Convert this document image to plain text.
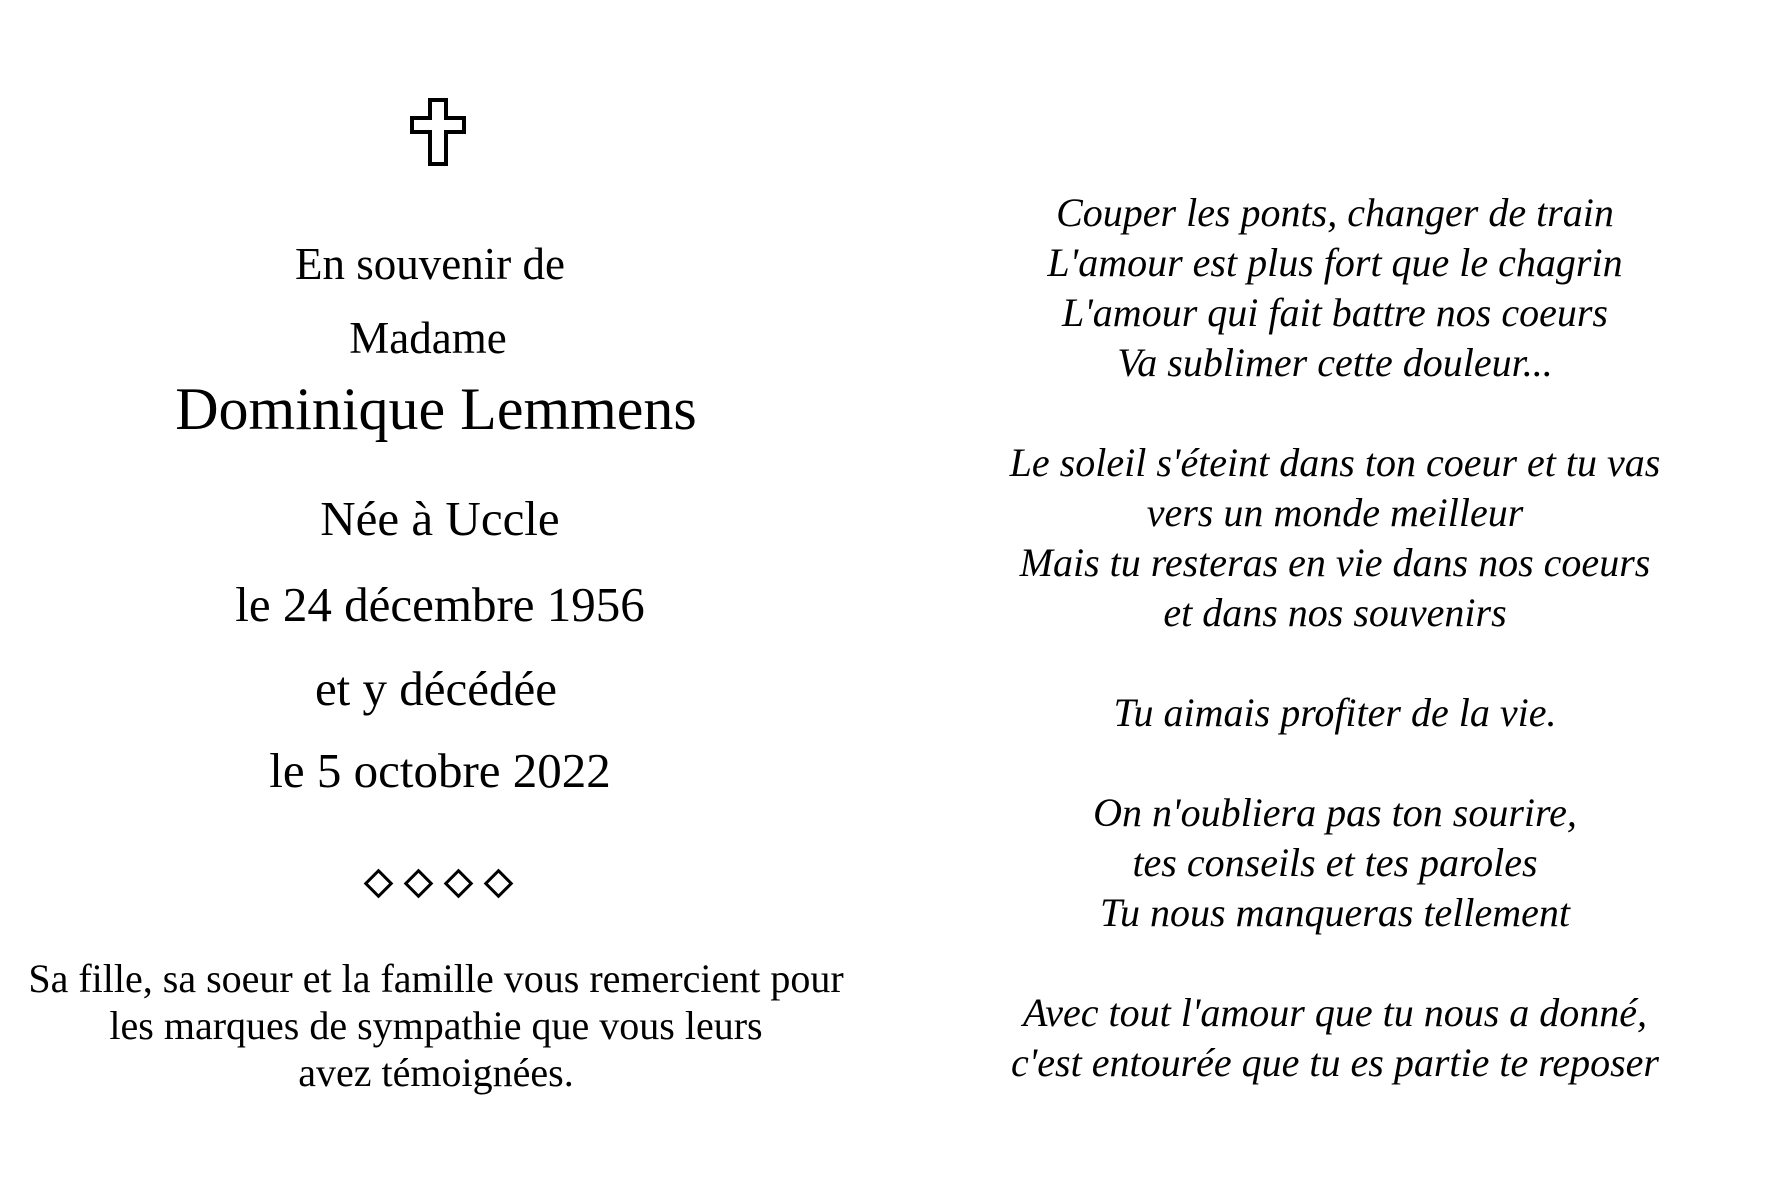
En souvenir de
Madame
Dominique Lemmens
Née à Uccle
le 24 décembre 1956
et y décédée
le 5 octobre 2022
Sa fille, sa soeur et la famille vous remercient pour
les marques de sympathie que vous leurs
avez témoignées.
Couper les ponts, changer de train
L'amour est plus fort que le chagrin
L'amour qui fait battre nos coeurs
Va sublimer cette douleur...
Le soleil s'éteint dans ton coeur et tu vas
vers un monde meilleur
Mais tu resteras en vie dans nos coeurs
et dans nos souvenirs
Tu aimais profiter de la vie.
On n'oubliera pas ton sourire,
tes conseils et tes paroles
Tu nous manqueras tellement
Avec tout l'amour que tu nous a donné,
c'est entourée que tu es partie te reposer
